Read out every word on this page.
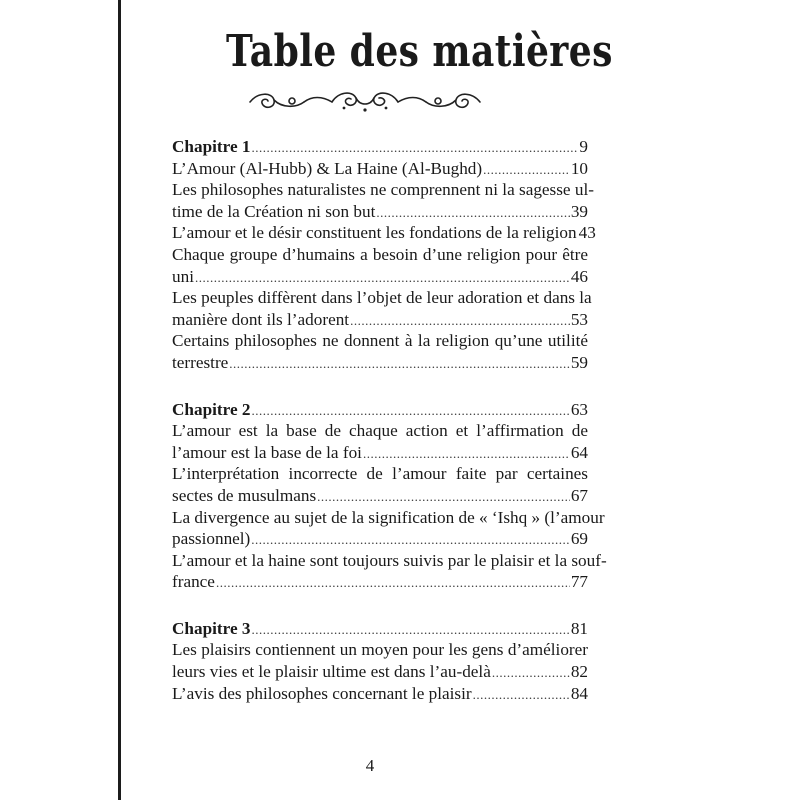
Table des matières
Chapitre 1 .....	9
L’Amour (Al-Hubb) & La Haine (Al-Bughd) .....	10
Les philosophes naturalistes ne comprennent ni la sagesse ul-
time de la Création ni son but .....	39
L’amour et le désir constituent les fondations de la religion 43
Chaque groupe d’humains a besoin d’une religion pour être
uni .....	46
Les peuples diffèrent dans l’objet de leur adoration et dans la
manière dont ils l’adorent .....	53
Certains philosophes ne donnent à la religion qu’une utilité
terrestre .....	59
Chapitre 2 .....	63
L’amour est la base de chaque action et l’affirmation de
l’amour est la base de la foi .....	64
L’interprétation incorrecte de l’amour faite par certaines
sectes de musulmans .....	67
La divergence au sujet de la signification de « ‘Ishq » (l’amour
passionnel) .....	69
L’amour et la haine sont toujours suivis par le plaisir et la souf-
france .....	77
Chapitre 3 .....	81
Les plaisirs contiennent un moyen pour les gens d’améliorer
leurs vies et le plaisir ultime est dans l’au-delà .....	82
L’avis des philosophes concernant le plaisir .....	84
4
